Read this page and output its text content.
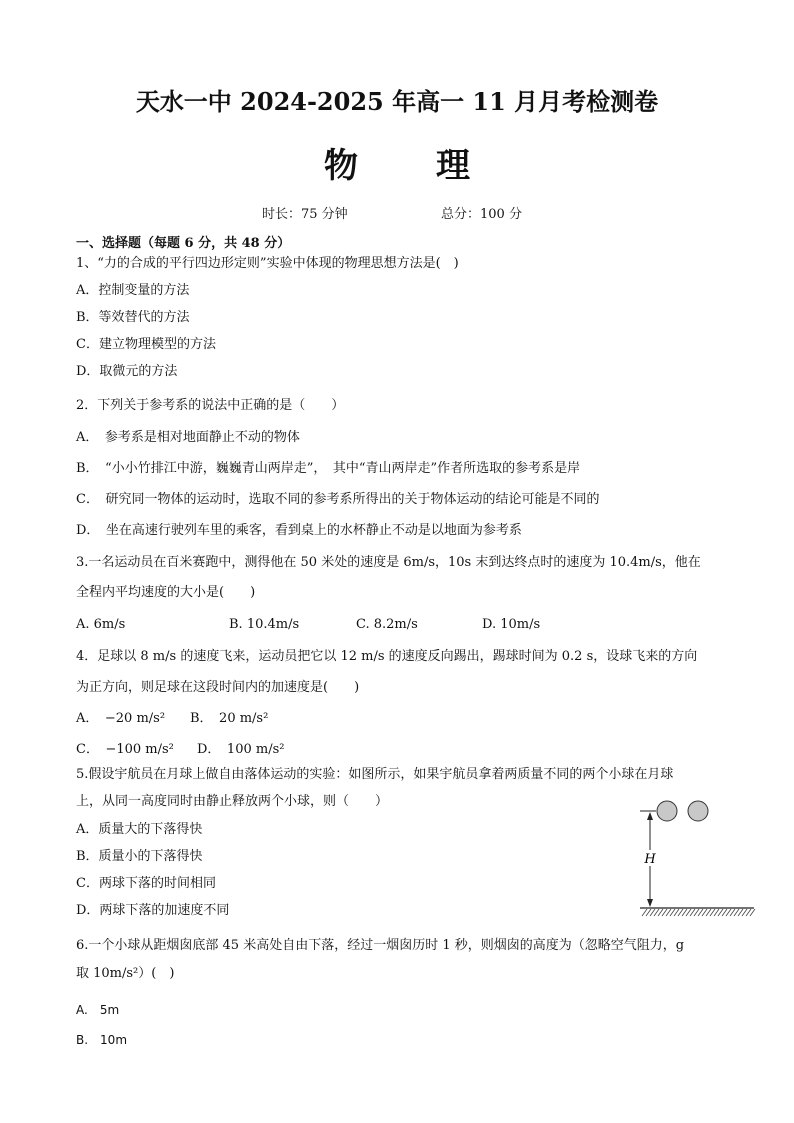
天水一中 2024-2025 年高一 11 月月考检测卷
物理
时长：75 分钟	总分：100 分
一、选择题（每题 6 分，共 48 分）
1、“力的合成的平行四边形定则”实验中体现的物理思想方法是(　)
A．控制变量的方法
B．等效替代的方法
C．建立物理模型的方法
D．取微元的方法
2．下列关于参考系的说法中正确的是（　　）
A．　参考系是相对地面静止不动的物体
B．　“小小竹排江中游，巍巍青山两岸走”，　其中“青山两岸走”作者所选取的参考系是岸
C．　研究同一物体的运动时，选取不同的参考系所得出的关于物体运动的结论可能是不同的
D．　坐在高速行驶列车里的乘客，看到桌上的水杯静止不动是以地面为参考系
3.一名运动员在百米赛跑中，测得他在 50 米处的速度是 6m/s，10s 末到达终点时的速度为 10.4m/s，他在
全程内平均速度的大小是(　　)
A. 6m/s	B. 10.4m/s	C. 8.2m/s	D. 10m/s
4．足球以 8 m/s 的速度飞来，运动员把它以 12 m/s 的速度反向踢出，踢球时间为 0.2 s，设球飞来的方向
为正方向，则足球在这段时间内的加速度是(　　)
A．　−20 m/s² B．　20 m/s²
C．　−100 m/s² D．　100 m/s²
5.假设宇航员在月球上做自由落体运动的实验：如图所示，如果宇航员拿着两质量不同的两个小球在月球
上，从同一高度同时由静止释放两个小球，则（　　）
A．质量大的下落得快
B．质量小的下落得快
C．两球下落的时间相同
D．两球下落的加速度不同
H
6.一个小球从距烟囱底部 45 米高处自由下落，经过一烟囱历时 1 秒，则烟囱的高度为（忽略空气阻力，g
取 10m/s²）(　)
A.　5m
B.　10m
